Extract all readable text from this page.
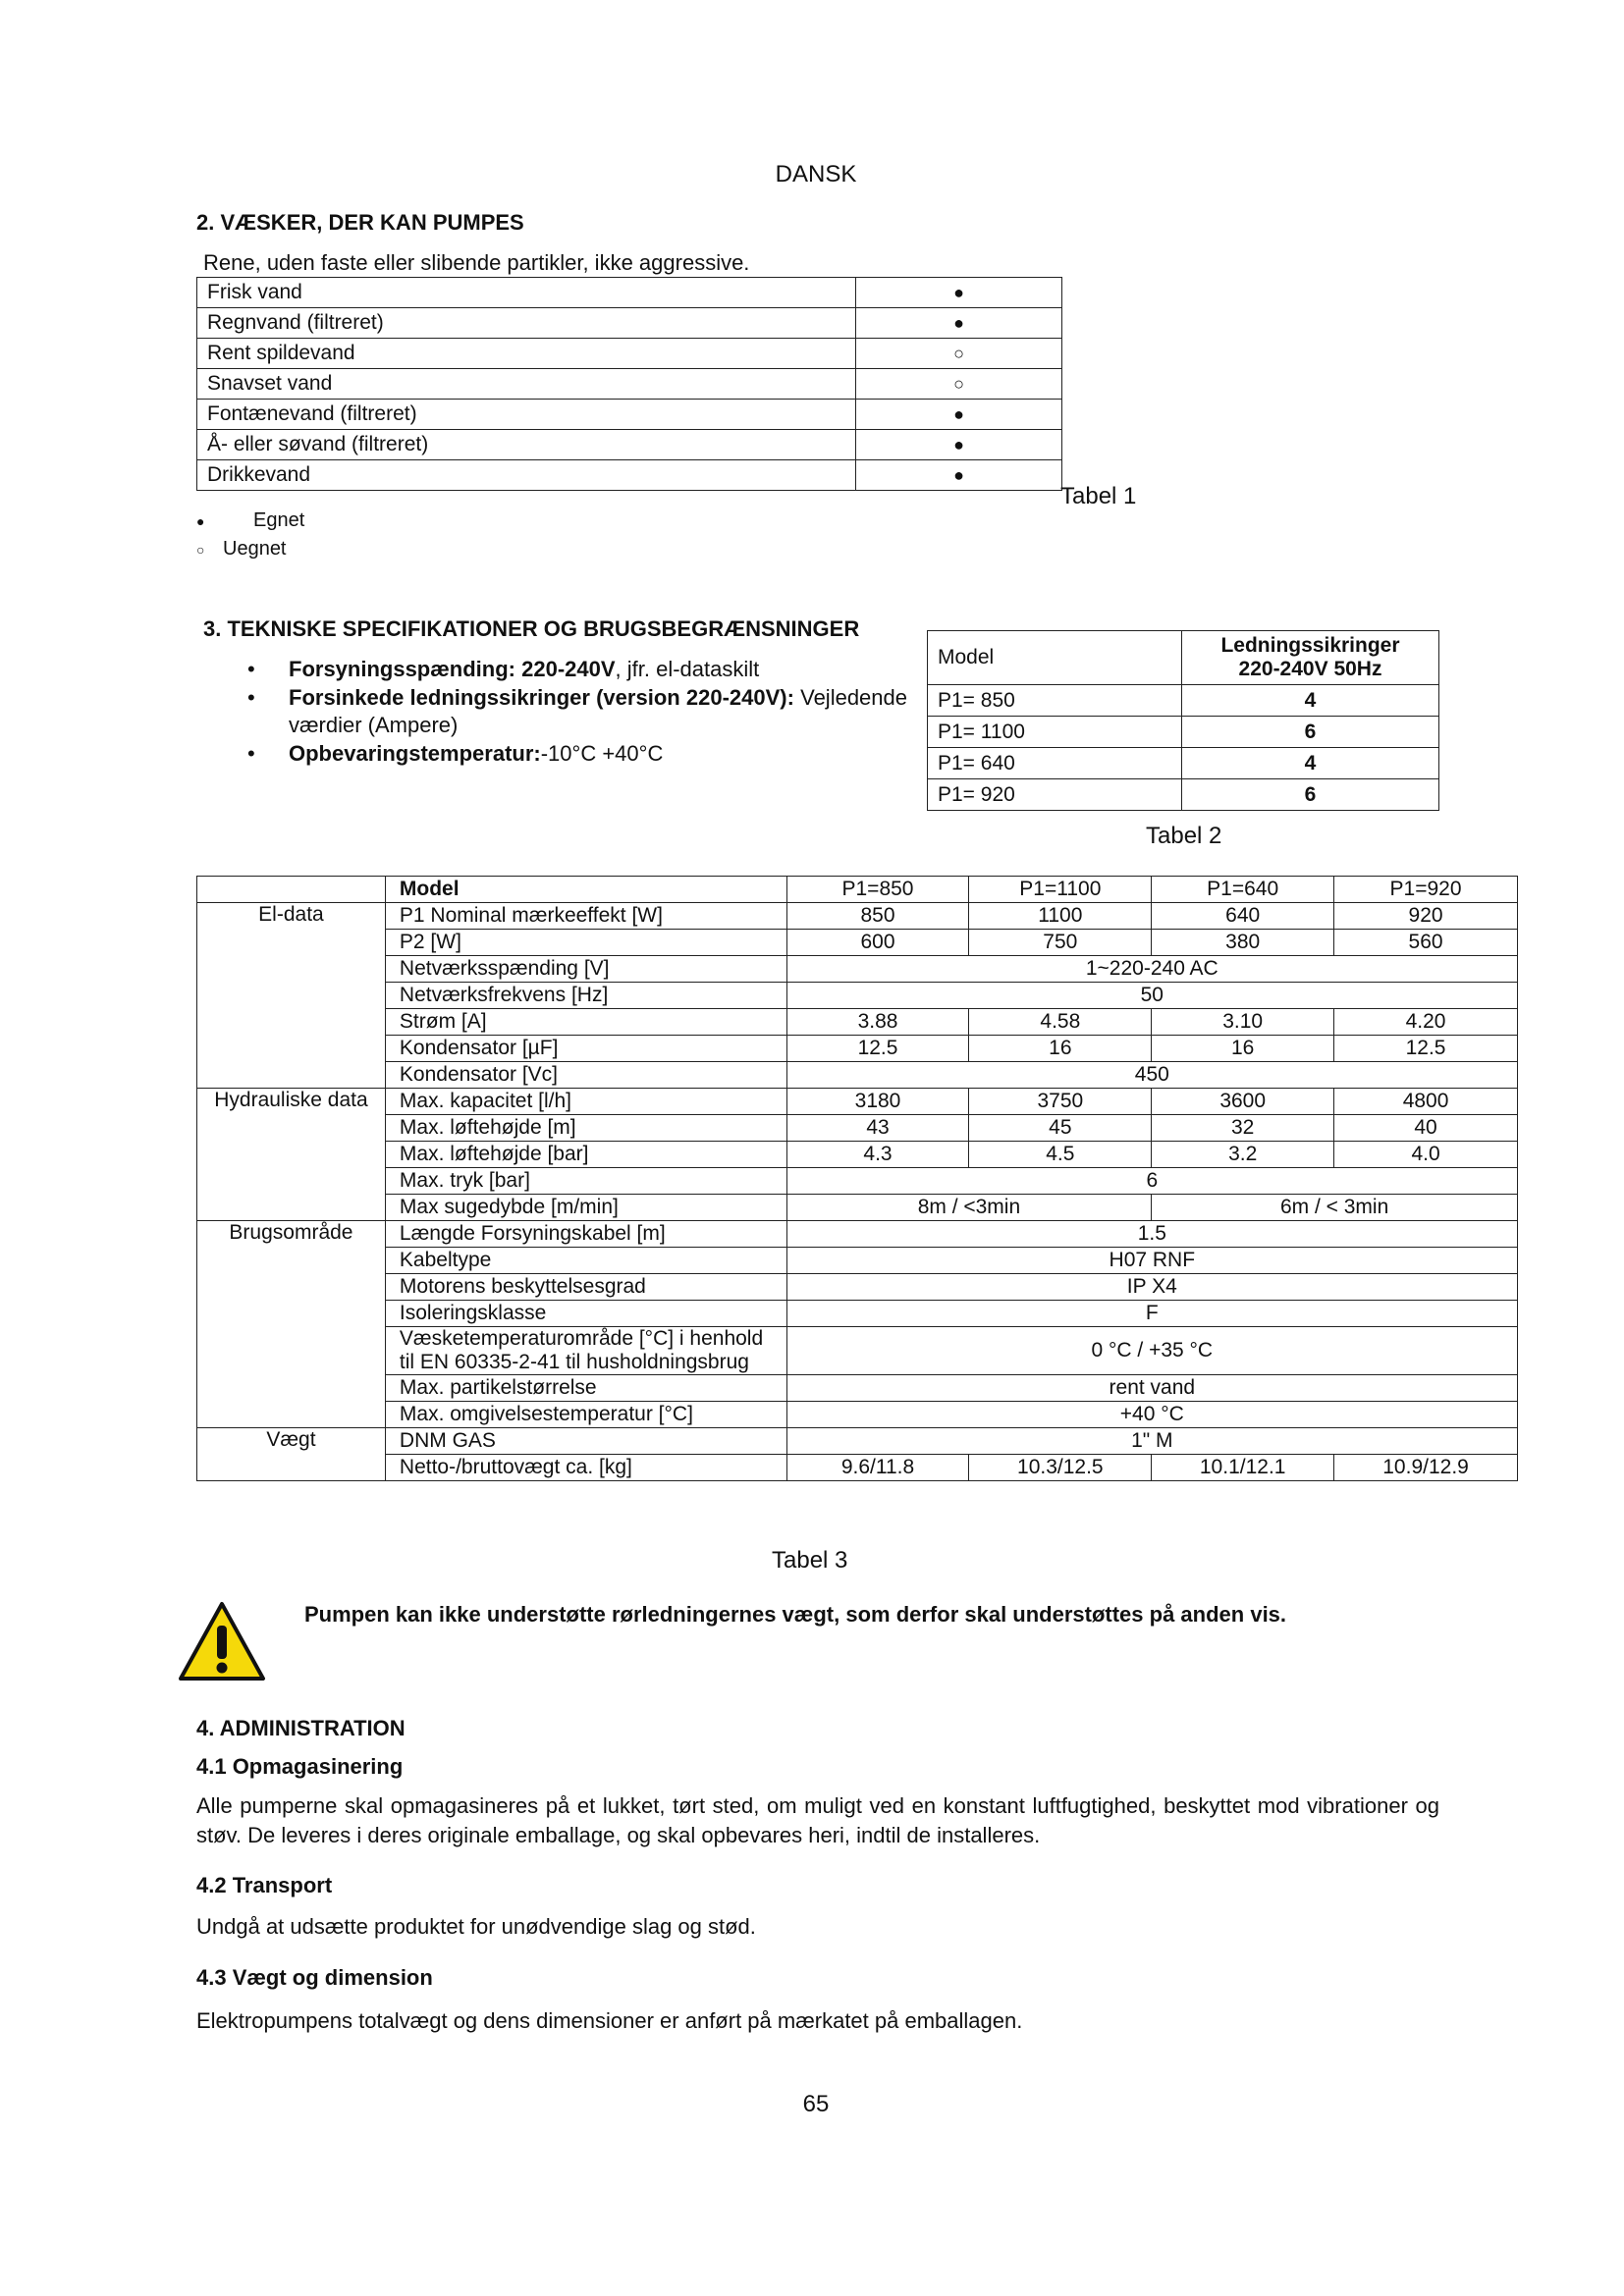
DANSK
2. VÆSKER, DER KAN PUMPES
Rene, uden faste eller slibende partikler, ikke aggressive.
Frisk vand	●
Regnvand (filtreret)	●
Rent spildevand	○
Snavset vand	○
Fontænevand (filtreret)	●
Å- eller søvand (filtreret)	●
Drikkevand	●
Tabel 1
● Egnet
○ Uegnet
3. TEKNISKE SPECIFIKATIONER OG BRUGSBEGRÆNSNINGER
• Forsyningsspænding: 220-240V, jfr. el-dataskilt
• Forsinkede ledningssikringer (version 220-240V): Vejledende værdier (Ampere)
• Opbevaringstemperatur:-10°C +40°C
Model	Ledningssikringer
220-240V 50Hz
P1= 850	4
P1= 1100	6
P1= 640	4
P1= 920	6
Tabel 2
	Model	P1=850	P1=1100	P1=640	P1=920
El-data	P1 Nominal mærkeeffekt [W]	850	1100	640	920
	P2 [W]	600	750	380	560
	Netværksspænding [V]	1~220-240 AC			
	Netværksfrekvens [Hz]	50			
	Strøm [A]	3.88	4.58	3.10	4.20
	Kondensator [µF]	12.5	16	16	12.5
	Kondensator [Vc]	450			
Hydrauliske data	Max. kapacitet [l/h]	3180	3750	3600	4800
	Max. løftehøjde [m]	43	45	32	40
	Max. løftehøjde [bar]	4.3	4.5	3.2	4.0
	Max. tryk [bar]	6			
	Max sugedybde [m/min]	8m / <3min		6m / < 3min	
Brugsområde	Længde Forsyningskabel [m]	1.5			
	Kabeltype	H07 RNF			
	Motorens beskyttelsesgrad	IP X4			
	Isoleringsklasse	F			
	Væsketemperaturområde [°C] i henhold til EN 60335-2-41 til husholdningsbrug	0 °C / +35 °C			
	Max. partikelstørrelse	rent vand			
	Max. omgivelsestemperatur [°C]	+40 °C			
Vægt	DNM GAS	1" M			
	Netto-/bruttovægt ca. [kg]	9.6/11.8	10.3/12.5	10.1/12.1	10.9/12.9
Tabel 3
Pumpen kan ikke understøtte rørledningernes vægt, som derfor skal understøttes på anden vis.
4. ADMINISTRATION
4.1 Opmagasinering
Alle pumperne skal opmagasineres på et lukket, tørt sted, om muligt ved en konstant luftfugtighed, beskyttet mod vibrationer og støv. De leveres i deres originale emballage, og skal opbevares heri, indtil de installeres.
4.2 Transport
Undgå at udsætte produktet for unødvendige slag og stød.
4.3 Vægt og dimension
Elektropumpens totalvægt og dens dimensioner er anført på mærkatet på emballagen.
65
